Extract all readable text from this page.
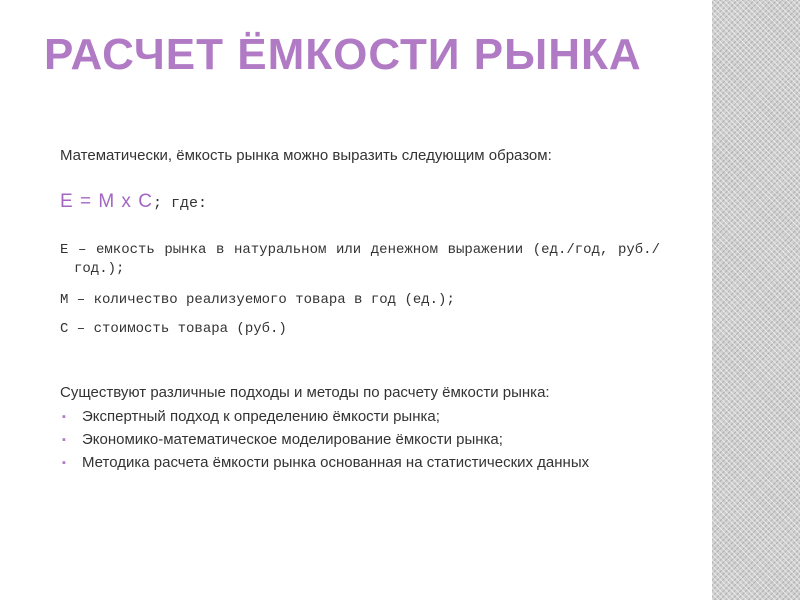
РАСЧЕТ ЁМКОСТИ РЫНКА

Математически, ёмкость рынка можно выразить следующим образом:

Е = М х С; где:

Е – емкость рынка в натуральном или денежном выражении (ед./год, руб./год.);

М – количество реализуемого товара в год (ед.);

С – стоимость товара (руб.)

Существуют различные подходы и методы по расчету ёмкости рынка:

▪ Экспертный подход к определению ёмкости рынка;
▪ Экономико-математическое моделирование ёмкости рынка;
▪ Методика расчета ёмкости рынка основанная на статистических данных
